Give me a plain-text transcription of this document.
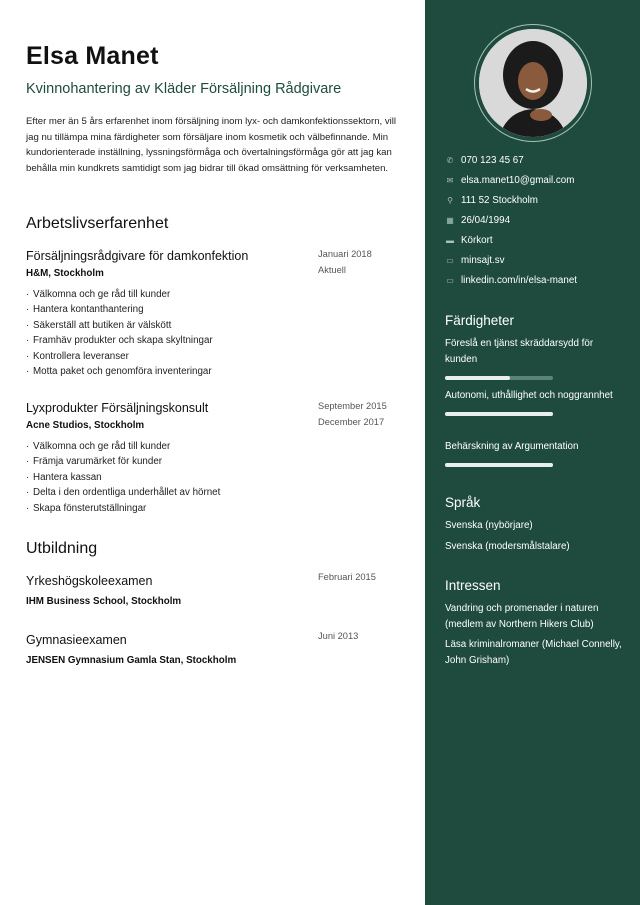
Elsa Manet
Kvinnohantering av Kläder Försäljning Rådgivare
Efter mer än 5 års erfarenhet inom försäljning inom lyx- och damkonfektionssektorn, vill jag nu tillämpa mina färdigheter som försäljare inom kosmetik och välbefinnande. Min kundorienterade inställning, lyssningsförmåga och övertalningsförmåga gör att jag kan behålla min kundkrets samtidigt som jag bidrar till ökad omsättning för verksamheten.
Arbetslivserfarenhet
Försäljningsrådgivare för damkonfektion
H&M, Stockholm
Januari 2018
Aktuell
· Välkomna och ge råd till kunder
· Hantera kontanthantering
· Säkerställ att butiken är välskött
· Framhäv produkter och skapa skyltningar
· Kontrollera leveranser
· Motta paket och genomföra inventeringar
Lyxprodukter Försäljningskonsult
Acne Studios, Stockholm
September 2015
December 2017
· Välkomna och ge råd till kunder
· Främja varumärket för kunder
· Hantera kassan
· Delta i den ordentliga underhållet av hörnet
· Skapa fönsterutställningar
Utbildning
Yrkeshögskoleexamen
IHM Business School, Stockholm
Februari 2015
Gymnasieexamen
JENSEN Gymnasium Gamla Stan, Stockholm
Juni 2013
✆ 070 123 45 67
✉ elsa.manet10@gmail.com
⚲ 111 52 Stockholm
▦ 26/04/1994
▬ Körkort
▭ minsajt.sv
▭ linkedin.com/in/elsa-manet
Färdigheter
Föreslå en tjänst skräddarsydd för kunden
Autonomi, uthållighet och noggrannhet
Behärskning av Argumentation
Språk
Svenska (nybörjare)
Svenska (modersmålstalare)
Intressen
Vandring och promenader i naturen (medlem av Northern Hikers Club)
Läsa kriminalromaner (Michael Connelly, John Grisham)
